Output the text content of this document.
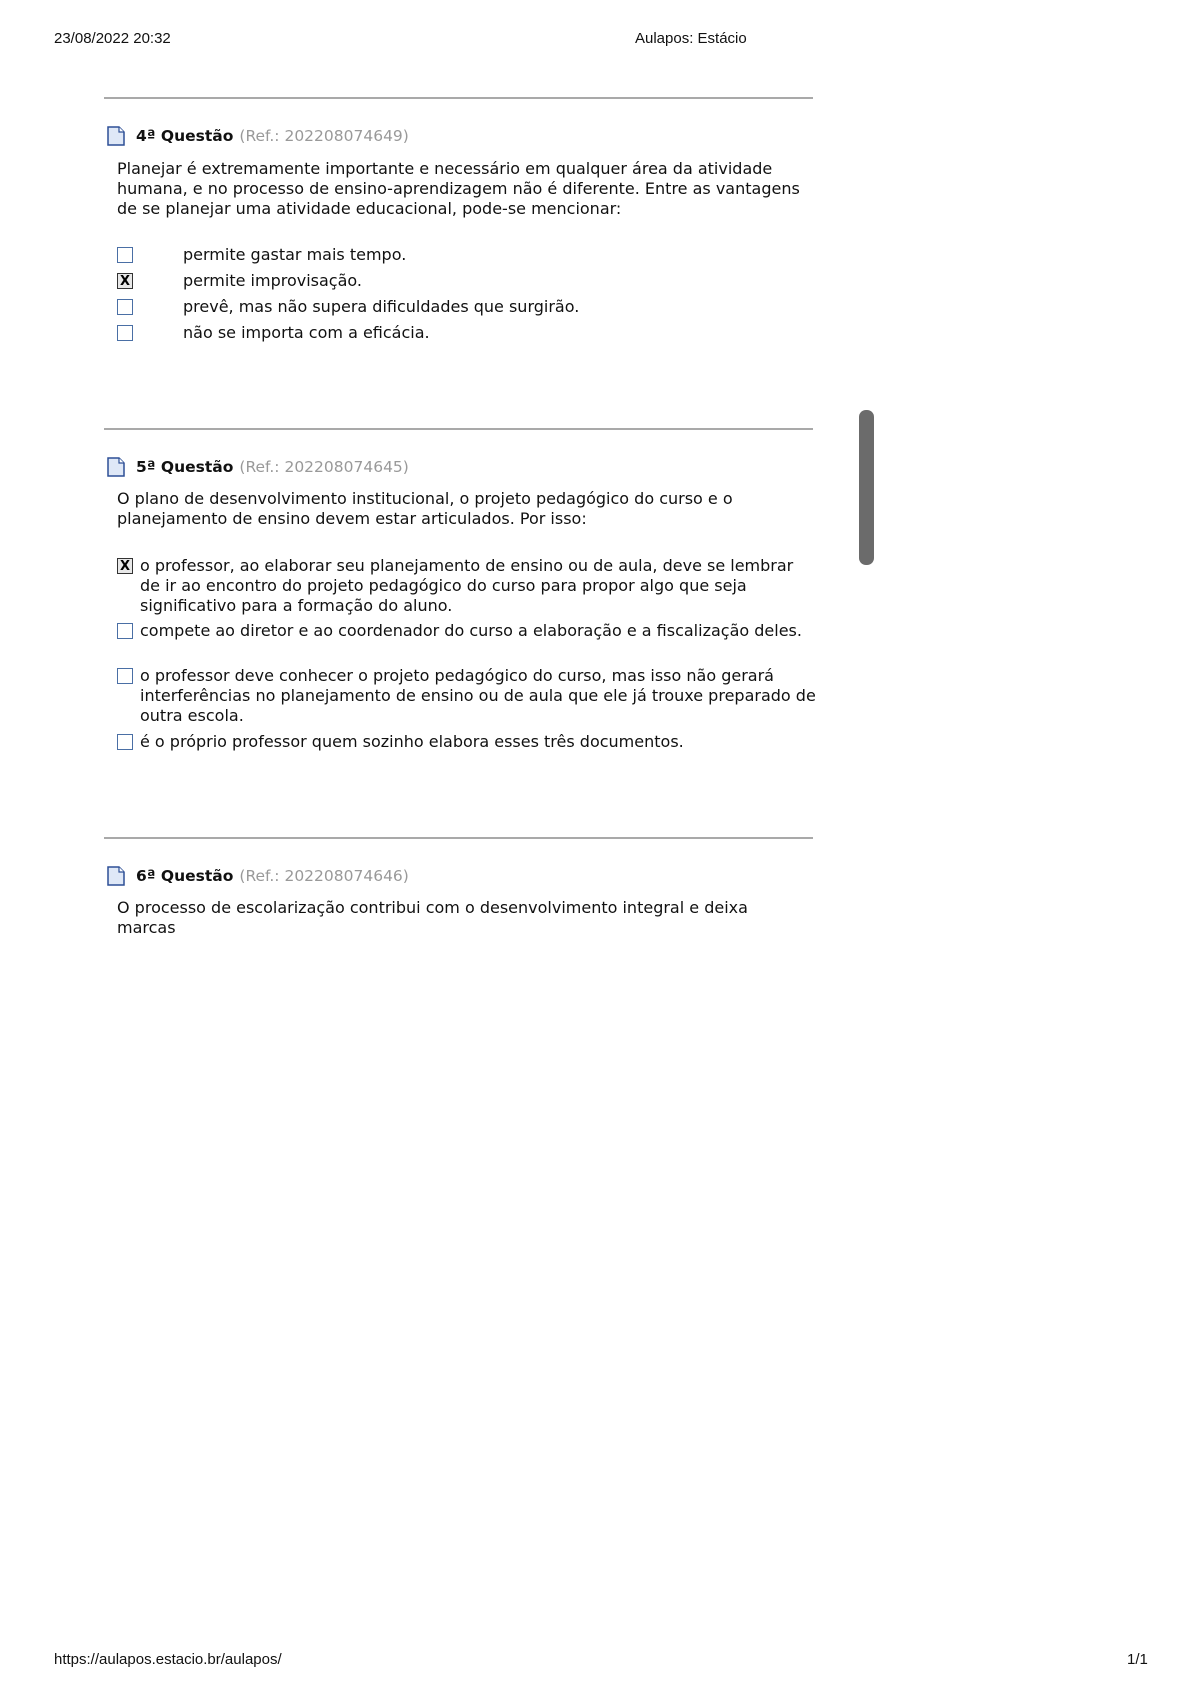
23/08/2022 20:32	Aulapos: Estácio
4ª Questão (Ref.: 202208074649)
Planejar é extremamente importante e necessário em qualquer área da atividade humana, e no processo de ensino-aprendizagem não é diferente. Entre as vantagens de se planejar uma atividade educacional, pode-se mencionar:
permite gastar mais tempo.
X	permite improvisação.
prevê, mas não supera dificuldades que surgirão.
não se importa com a eficácia.
5ª Questão (Ref.: 202208074645)
O plano de desenvolvimento institucional, o projeto pedagógico do curso e o planejamento de ensino devem estar articulados. Por isso:
X o professor, ao elaborar seu planejamento de ensino ou de aula, deve se lembrar de ir ao encontro do projeto pedagógico do curso para propor algo que seja significativo para a formação do aluno.
compete ao diretor e ao coordenador do curso a elaboração e a fiscalização deles.
o professor deve conhecer o projeto pedagógico do curso, mas isso não gerará interferências no planejamento de ensino ou de aula que ele já trouxe preparado de outra escola.
é o próprio professor quem sozinho elabora esses três documentos.
6ª Questão (Ref.: 202208074646)
O processo de escolarização contribui com o desenvolvimento integral e deixa marcas
https://aulapos.estacio.br/aulapos/	1/1
